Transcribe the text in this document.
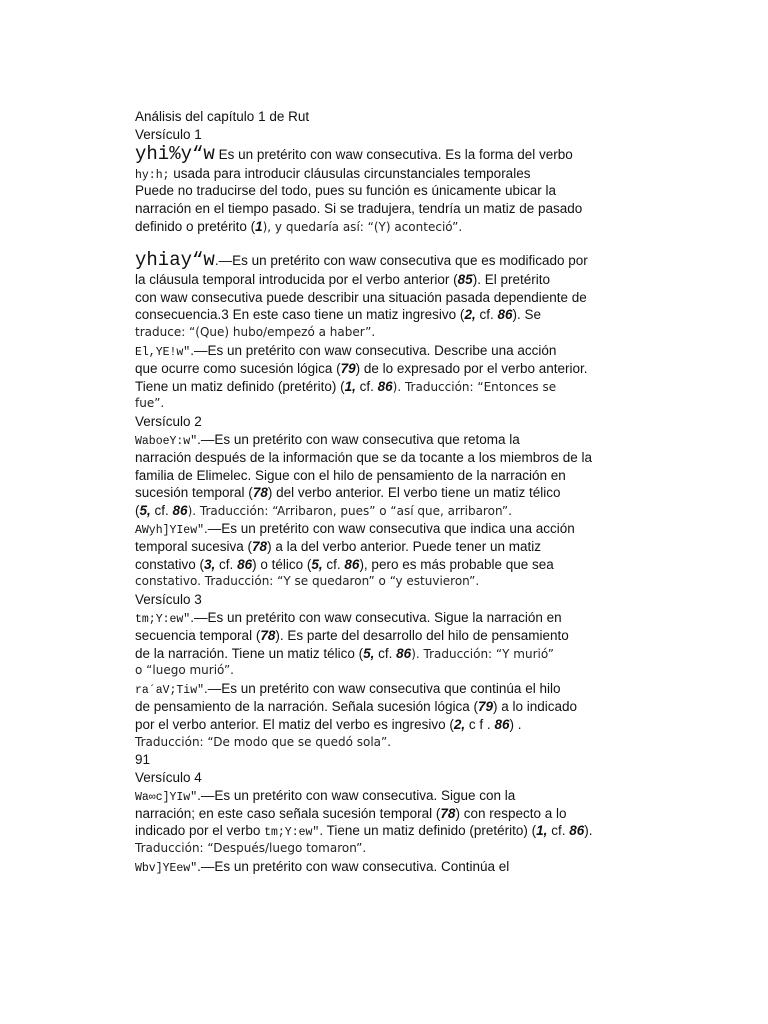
Análisis del capítulo 1 de Rut
Versículo 1
yhi%y“w Es un pretérito con waw consecutiva. Es la forma del verbo
hy:h; usada para introducir cláusulas circunstanciales temporales
Puede no traducirse del todo, pues su función es únicamente ubicar la
narración en el tiempo pasado. Si se tradujera, tendría un matiz de pasado
definido o pretérito (1), y quedaría así: “(Y) aconteció”.
yhiay“w.—Es un pretérito con waw consecutiva que es modificado por
la cláusula temporal introducida por el verbo anterior (85). El pretérito
con waw consecutiva puede describir una situación pasada dependiente de
consecuencia.3 En este caso tiene un matiz ingresivo (2, cf. 86). Se
traduce: “(Que) hubo/empezó a haber”.
El,YE!w″.—Es un pretérito con waw consecutiva. Describe una acción
que ocurre como sucesión lógica (79) de lo expresado por el verbo anterior.
Tiene un matiz definido (pretérito) (1, cf. 86). Traducción: “Entonces se
fue”.
Versículo 2
WaboeY:w″.—Es un pretérito con waw consecutiva que retoma la
narración después de la información que se da tocante a los miembros de la
familia de Elimelec. Sigue con el hilo de pensamiento de la narración en
sucesión temporal (78) del verbo anterior. El verbo tiene un matiz télico
(5, cf. 86). Traducción: “Arribaron, pues” o “así que, arribaron”.
AWyh]YIew″.—Es un pretérito con waw consecutiva que indica una acción
temporal sucesiva (78) a la del verbo anterior. Puede tener un matiz
constativo (3, cf. 86) o télico (5, cf. 86), pero es más probable que sea
constativo. Traducción: “Y se quedaron” o “y estuvieron”.
Versículo 3
tm;Y:ew″.—Es un pretérito con waw consecutiva. Sigue la narración en
secuencia temporal (78). Es parte del desarrollo del hilo de pensamiento
de la narración. Tiene un matiz télico (5, cf. 86). Traducción: “Y murió”
o “luego murió”.
ra´aV;Tiw″.—Es un pretérito con waw consecutiva que continúa el hilo
de pensamiento de la narración. Señala sucesión lógica (79) a lo indicado
por el verbo anterior. El matiz del verbo es ingresivo (2, c f . 86) .
Traducción: “De modo que se quedó sola”.
91
Versículo 4
Wa∞c]YIw″.—Es un pretérito con waw consecutiva. Sigue con la
narración; en este caso señala sucesión temporal (78) con respecto a lo
indicado por el verbo tm;Y:ew″. Tiene un matiz definido (pretérito) (1, cf. 86).
Traducción: “Después/luego tomaron”.
Wbv]YEew″.—Es un pretérito con waw consecutiva. Continúa el
